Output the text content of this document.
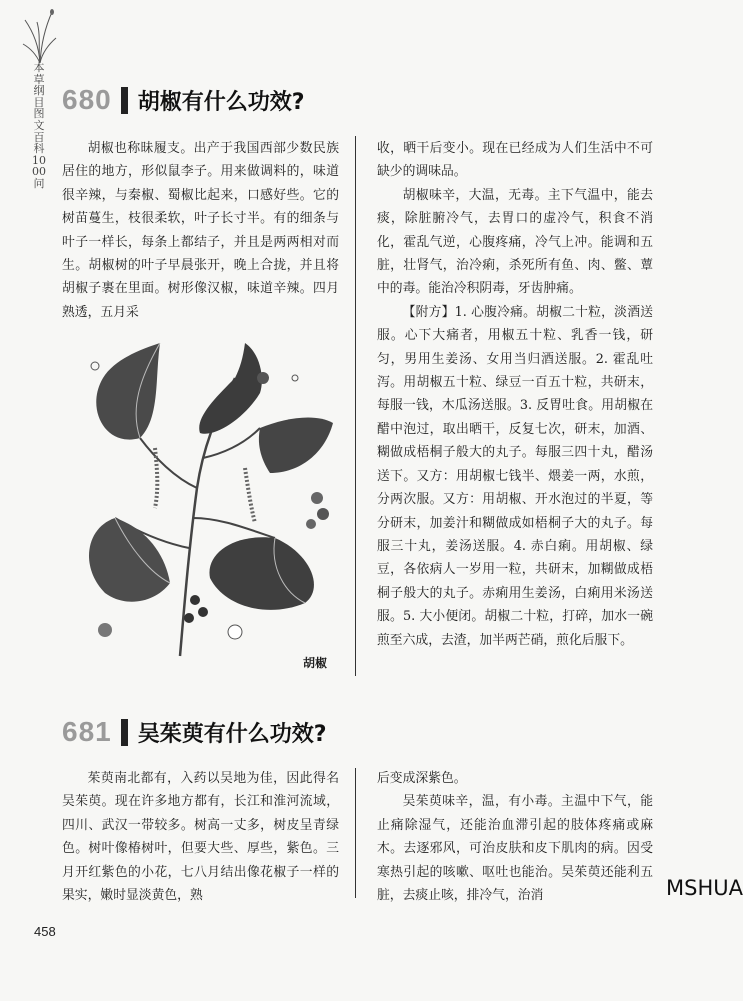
本草纲目图文百科1000问
680 胡椒有什么功效?

胡椒也称昧履支。出产于我国西部少数民族居住的地方，形似鼠李子。用来做调料的，味道很辛辣，与秦椒、蜀椒比起来，口感好些。它的树苗蔓生，枝很柔软，叶子长寸半。有的细条与叶子一样长，每条上都结子，并且是两两相对而生。胡椒树的叶子早晨张开，晚上合拢，并且将胡椒子裹在里面。树形像汉椒，味道辛辣。四月熟透，五月采

收，晒干后变小。现在已经成为人们生活中不可缺少的调味品。

胡椒味辛，大温，无毒。主下气温中，能去痰，除脏腑冷气，去胃口的虚冷气，积食不消化，霍乱气逆，心腹疼痛，冷气上冲。能调和五脏，壮肾气，治冷痢，杀死所有鱼、肉、鳖、蕈中的毒。能治冷积阴毒，牙齿肿痛。

【附方】1. 心腹冷痛。胡椒二十粒，淡酒送服。心下大痛者，用椒五十粒、乳香一钱，研匀，男用生姜汤、女用当归酒送服。2. 霍乱吐泻。用胡椒五十粒、绿豆一百五十粒，共研末，每服一钱，木瓜汤送服。3. 反胃吐食。用胡椒在醋中泡过，取出晒干，反复七次，研末，加酒、糊做成梧桐子般大的丸子。每服三四十丸，醋汤送下。又方：用胡椒七钱半、煨姜一两，水煎，分两次服。又方：用胡椒、开水泡过的半夏，等分研末，加姜汁和糊做成如梧桐子大的丸子。每服三十丸，姜汤送服。4. 赤白痢。用胡椒、绿豆，各依病人一岁用一粒，共研末，加糊做成梧桐子般大的丸子。赤痢用生姜汤，白痢用米汤送服。5. 大小便闭。胡椒二十粒，打碎，加水一碗煎至六成，去渣，加半两芒硝，煎化后服下。

胡椒
681 吴茱萸有什么功效?

茱萸南北都有，入药以吴地为佳，因此得名吴茱萸。现在许多地方都有，长江和淮河流域，四川、武汉一带较多。树高一丈多，树皮呈青绿色。树叶像椿树叶，但要大些、厚些，紫色。三月开红紫色的小花，七八月结出像花椒子一样的果实，嫩时显淡黄色，熟

后变成深紫色。

吴茱萸味辛，温，有小毒。主温中下气，能止痛除湿气，还能治血滞引起的肢体疼痛或麻木。去逐邪风，可治皮肤和皮下肌肉的病。因受寒热引起的咳嗽、呕吐也能治。吴茱萸还能利五脏，去痰止咳，排冷气，治消

458
MSHUA
